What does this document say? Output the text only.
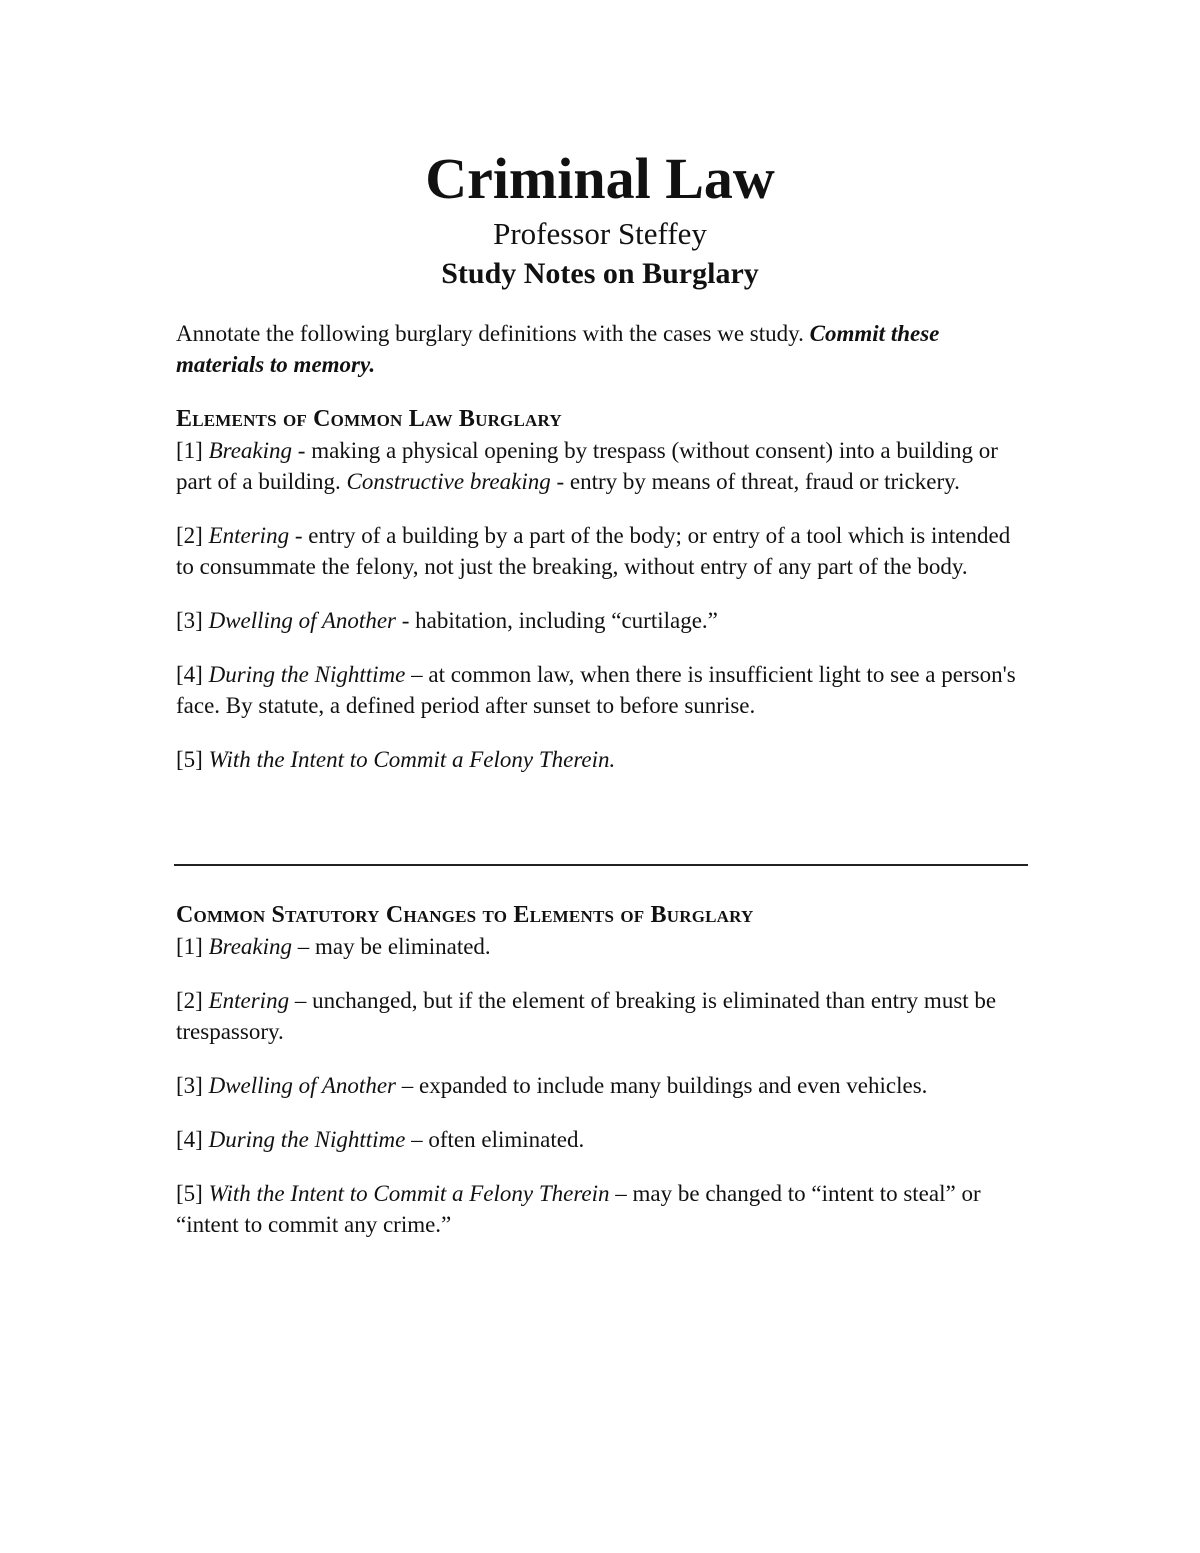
Criminal Law
Professor Steffey
Study Notes on Burglary
Annotate the following burglary definitions with the cases we study. Commit these materials to memory.
Elements of Common Law Burglary

[1] Breaking - making a physical opening by trespass (without consent) into a building or part of a building. Constructive breaking - entry by means of threat, fraud or trickery.

[2] Entering - entry of a building by a part of the body; or entry of a tool which is intended to consummate the felony, not just the breaking, without entry of any part of the body.

[3] Dwelling of Another - habitation, including “curtilage.”

[4] During the Nighttime – at common law, when there is insufficient light to see a person's face. By statute, a defined period after sunset to before sunrise.

[5] With the Intent to Commit a Felony Therein.

Common Statutory Changes to Elements of Burglary

[1] Breaking – may be eliminated.

[2] Entering – unchanged, but if the element of breaking is eliminated than entry must be trespassory.

[3] Dwelling of Another – expanded to include many buildings and even vehicles.

[4] During the Nighttime – often eliminated.

[5] With the Intent to Commit a Felony Therein – may be changed to “intent to steal” or “intent to commit any crime.”
